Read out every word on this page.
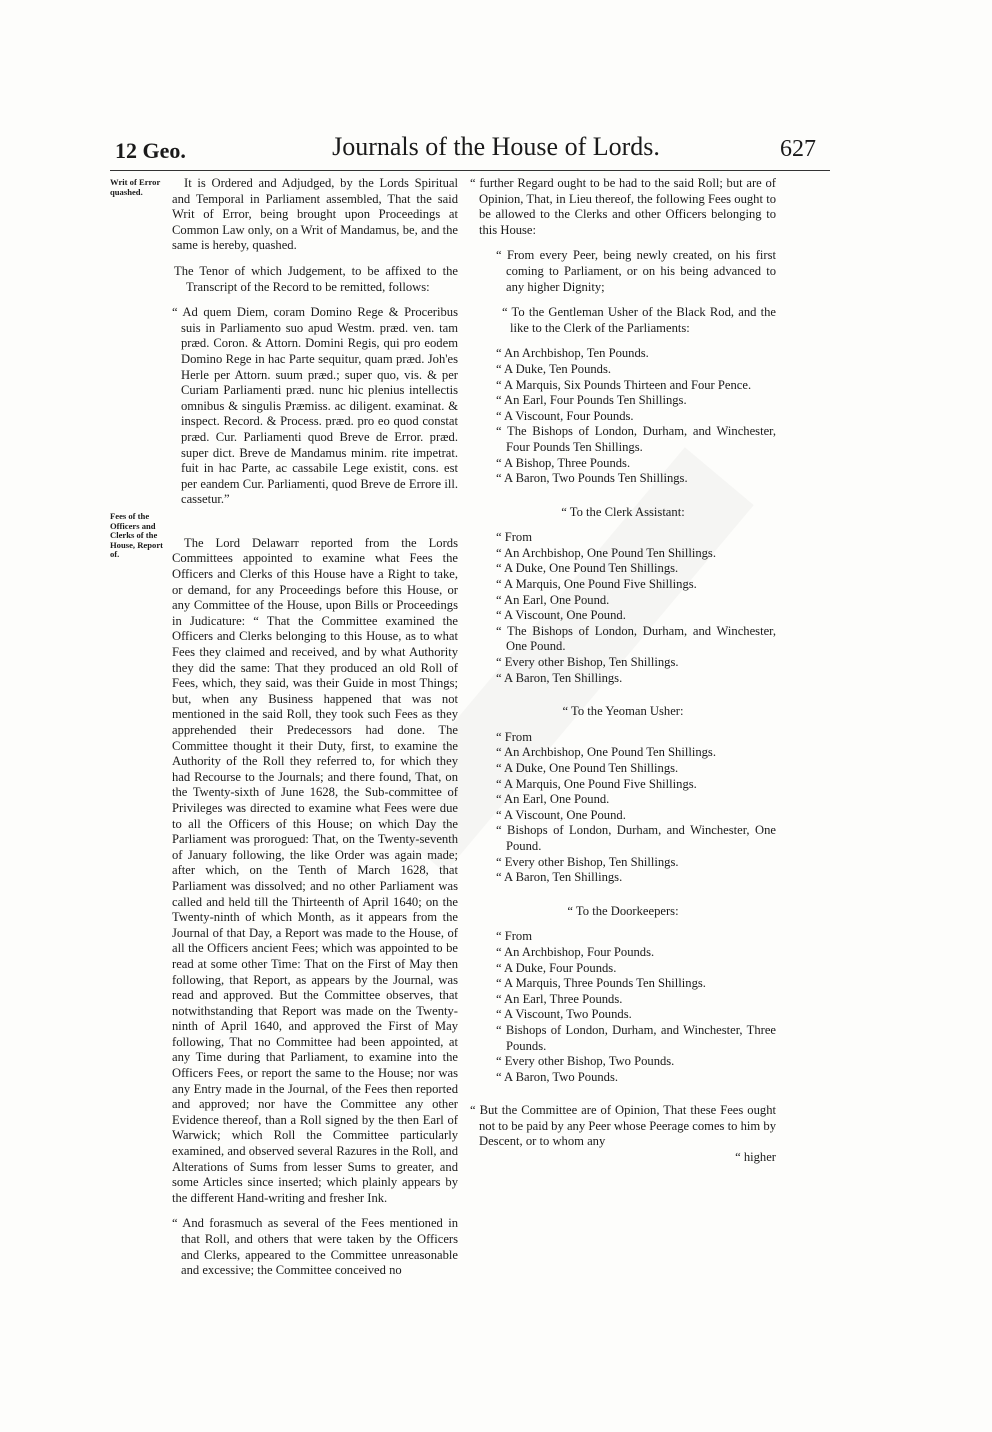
12 Geo.	Journals of the House of Lords.	627
Writ of Error quashed.
Fees of the Officers and Clerks of the House, Report of.

It is Ordered and Adjudged, by the Lords Spiritual and Temporal in Parliament assembled, That the said Writ of Error, being brought upon Proceedings at Common Law only, on a Writ of Mandamus, be, and the same is hereby, quashed.

The Tenor of which Judgement, to be affixed to the Transcript of the Record to be remitted, follows:

“ Ad quem Diem, coram Domino Rege & Proceribus suis in Parliamento suo apud Westm. præd. ven. tam præd. Coron. & Attorn. Domini Regis, qui pro eodem Domino Rege in hac Parte sequitur, quam præd. Joh'es Herle per Attorn. suum præd.; super quo, vis. & per Curiam Parliamenti præd. nunc hic plenius intellectis omnibus & singulis Præmiss. ac diligent. examinat. & inspect. Record. & Process. præd. pro eo quod constat præd. Cur. Parliamenti quod Breve de Error. præd. super dict. Breve de Mandamus minim. rite impetrat. fuit in hac Parte, ac cassabile Lege existit, cons. est per eandem Cur. Parliamenti, quod Breve de Errore ill. cassetur.”

The Lord Delawarr reported from the Lords Committees appointed to examine what Fees the Officers and Clerks of this House have a Right to take, or demand, for any Proceedings before this House, or any Committee of the House, upon Bills or Proceedings in Judicature: “ That the Committee examined the Officers and Clerks belonging to this House, as to what Fees they claimed and received, and by what Authority they did the same: That they produced an old Roll of Fees, which, they said, was their Guide in most Things; but, when any Business happened that was not mentioned in the said Roll, they took such Fees as they apprehended their Predecessors had done. The Committee thought it their Duty, first, to examine the Authority of the Roll they referred to, for which they had Recourse to the Journals; and there found, That, on the Twenty-sixth of June 1628, the Sub-committee of Privileges was directed to examine what Fees were due to all the Officers of this House; on which Day the Parliament was prorogued: That, on the Twenty-seventh of January following, the like Order was again made; after which, on the Tenth of March 1628, that Parliament was dissolved; and no other Parliament was called and held till the Thirteenth of April 1640; on the Twenty-ninth of which Month, as it appears from the Journal of that Day, a Report was made to the House, of all the Officers ancient Fees; which was appointed to be read at some other Time: That on the First of May then following, that Report, as appears by the Journal, was read and approved. But the Committee observes, that notwithstanding that Report was made on the Twenty-ninth of April 1640, and approved the First of May following, That no Committee had been appointed, at any Time during that Parliament, to examine into the Officers Fees, or report the same to the House; nor was any Entry made in the Journal, of the Fees then reported and approved; nor have the Committee any other Evidence thereof, than a Roll signed by the then Earl of Warwick; which Roll the Committee particularly examined, and observed several Razures in the Roll, and Alterations of Sums from lesser Sums to greater, and some Articles since inserted; which plainly appears by the different Hand-writing and fresher Ink.

“ And forasmuch as several of the Fees mentioned in that Roll, and others that were taken by the Officers and Clerks, appeared to the Committee unreasonable and excessive; the Committee conceived no

“ further Regard ought to be had to the said Roll; but are of Opinion, That, in Lieu thereof, the following Fees ought to be allowed to the Clerks and other Officers belonging to this House:

“ From every Peer, being newly created, on his first coming to Parliament, or on his being advanced to any higher Dignity;

“ To the Gentleman Usher of the Black Rod, and the like to the Clerk of the Parliaments:

“ An Archbishop, Ten Pounds.

“ A Duke, Ten Pounds.

“ A Marquis, Six Pounds Thirteen and Four Pence.

“ An Earl, Four Pounds Ten Shillings.

“ A Viscount, Four Pounds.

“ The Bishops of London, Durham, and Winchester, Four Pounds Ten Shillings.

“ A Bishop, Three Pounds.

“ A Baron, Two Pounds Ten Shillings.

“ To the Clerk Assistant:

“ From

“ An Archbishop, One Pound Ten Shillings.

“ A Duke, One Pound Ten Shillings.

“ A Marquis, One Pound Five Shillings.

“ An Earl, One Pound.

“ A Viscount, One Pound.

“ The Bishops of London, Durham, and Winchester, One Pound.

“ Every other Bishop, Ten Shillings.

“ A Baron, Ten Shillings.

“ To the Yeoman Usher:

“ From

“ An Archbishop, One Pound Ten Shillings.

“ A Duke, One Pound Ten Shillings.

“ A Marquis, One Pound Five Shillings.

“ An Earl, One Pound.

“ A Viscount, One Pound.

“ Bishops of London, Durham, and Winchester, One Pound.

“ Every other Bishop, Ten Shillings.

“ A Baron, Ten Shillings.

“ To the Doorkeepers:

“ From

“ An Archbishop, Four Pounds.

“ A Duke, Four Pounds.

“ A Marquis, Three Pounds Ten Shillings.

“ An Earl, Three Pounds.

“ A Viscount, Two Pounds.

“ Bishops of London, Durham, and Winchester, Three Pounds.

“ Every other Bishop, Two Pounds.

“ A Baron, Two Pounds.

“ But the Committee are of Opinion, That these Fees ought not to be paid by any Peer whose Peerage comes to him by Descent, or to whom any

“ higher
